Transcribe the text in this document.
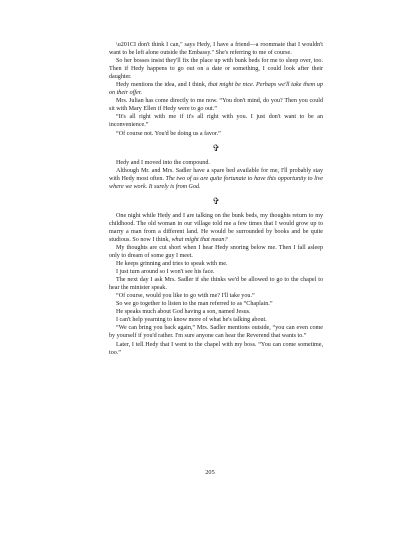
\u201CI don't think I can," says Hedy, I have a friend—a roommate that I wouldn't want to be left alone outside the Embassy." She's referring to me of course.

So her bosses insist they'll fix the place up with bunk beds for me to sleep over, too. Then if Hedy happens to go out on a date or something, I could look after their daughter.

Hedy mentions the idea, and I think, that might be nice. Perhaps we'll take them up on their offer.

Mrs. Julian has come directly to me now. “You don't mind, do you? Then you could sit with Mary Ellen if Hedy were to go out.”

“It's all right with me if it's all right with you. I just don't want to be an inconvenience.”

“Of course not. You'd be doing us a favor.”

✞

Hedy and I moved into the compound.

Although Mr. and Mrs. Sadler have a spare bed available for me, I'll probably stay with Hedy most often. The two of us are quite fortunate to have this opportunity to live where we work. It surely is from God.

✞

One night while Hedy and I are talking on the bunk beds, my thoughts return to my childhood. The old woman in our village told me a few times that I would grow up to marry a man from a different land. He would be surrounded by books and be quite studious. So now I think, what might that mean?

My thoughts are cut short when I hear Hedy snoring below me. Then I fall asleep only to dream of some guy I meet.

He keeps grinning and tries to speak with me.

I just turn around so I won't see his face.

The next day I ask Mrs. Sadler if she thinks we'd be allowed to go to the chapel to hear the minister speak.

“Of course, would you like to go with me? I'll take you.”

So we go together to listen to the man referred to as “Chaplain.”

He speaks much about God having a son, named Jesus.

I can't help yearning to know more of what he's talking about.

“We can bring you back again,” Mrs. Sadler mentions outside, “you can even come by yourself if you'd rather. I'm sure anyone can hear the Reverend that wants to.”

Later, I tell Hedy that I went to the chapel with my boss. “You can come sometime, too.”

205
